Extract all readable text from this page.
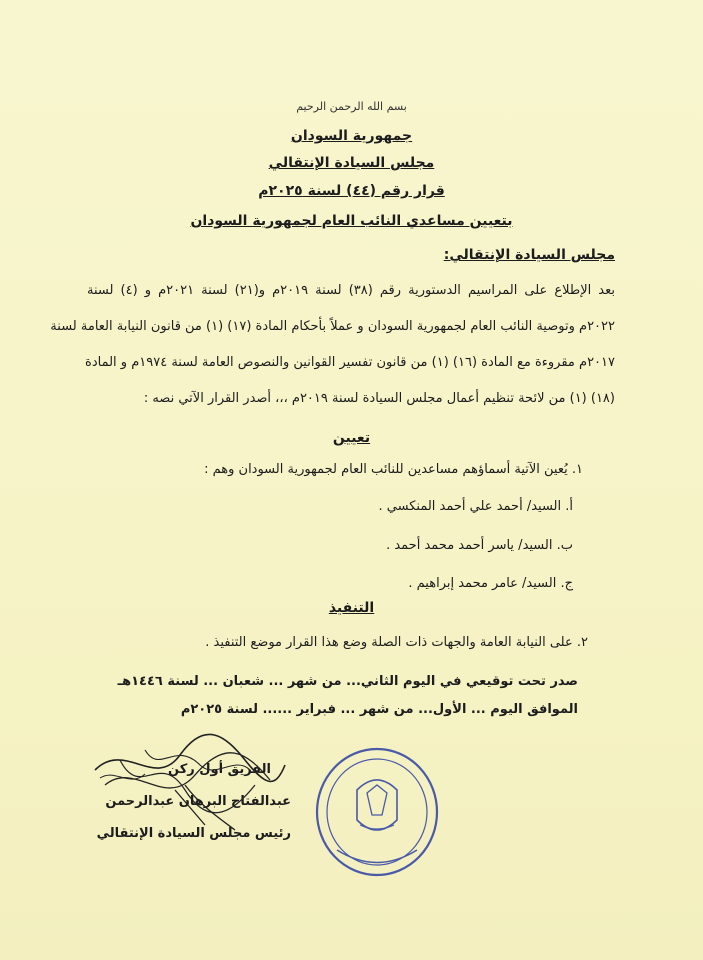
بسم الله الرحمن الرحيم
جمهورية السودان
مجلس السيادة الإنتقالي
قرار رقم (٤٤) لسنة ٢٠٢٥م
بتعيين مساعدي النائب العام لجمهورية السودان
مجلس السيادة الإنتقالي:
بعد الإطلاع على المراسيم الدستورية رقم (٣٨) لسنة ٢٠١٩م و(٢١) لسنة ٢٠٢١م و (٤) لسنة
٢٠٢٢م وتوصية النائب العام لجمهورية السودان و عملاً بأحكام المادة (١٧) (١) من قانون النيابة العامة لسنة
٢٠١٧م مقروءة مع المادة (١٦) (١) من قانون تفسير القوانين والنصوص العامة لسنة ١٩٧٤م و المادة
(١٨) (١) من لائحة تنظيم أعمال مجلس السيادة لسنة ٢٠١٩م ،،، أصدر القرار الآتي نصه :
تعيين
١. يُعين الآتية أسماؤهم مساعدين للنائب العام لجمهورية السودان وهم :
أ. السيد/ أحمد علي أحمد المنكسي .
ب. السيد/ ياسر أحمد محمد أحمد .
ج. السيد/ عامر محمد إبراهيم .
التنفيذ
٢. على النيابة العامة والجهات ذات الصلة وضع هذا القرار موضع التنفيذ .
صدر تحت توقيعي في اليوم الثاني... من شهر ... شعبان ... لسنة ١٤٤٦هـ
الموافق اليوم ... الأول... من شهر ... فبراير ...... لسنة ٢٠٢٥م
الفريق أول ركن
عبدالفتاح البرهان عبدالرحمن
رئيس مجلس السيادة الإنتقالي
